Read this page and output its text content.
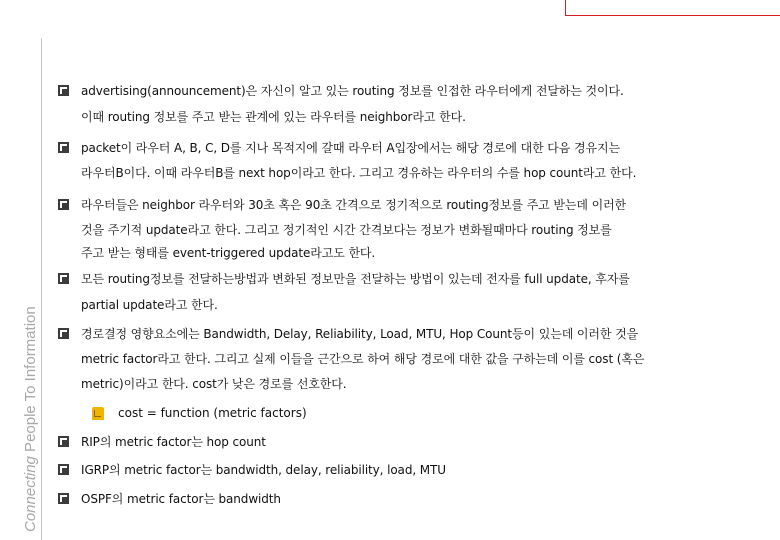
Connecting People To Information
advertising(announcement)은 자신이 알고 있는 routing 정보를 인접한 라우터에게 전달하는 것이다.
이때 routing 정보를 주고 받는 관계에 있는 라우터를 neighbor라고 한다.
packet이 라우터 A, B, C, D를 지나 목적지에 갈때 라우터 A입장에서는 해당 경로에 대한 다음 경유지는
라우터B이다. 이때 라우터B를 next hop이라고 한다. 그리고 경유하는 라우터의 수를 hop count라고 한다.
라우터들은 neighbor 라우터와 30초 혹은 90초 간격으로 정기적으로 routing정보를 주고 받는데 이러한
것을 주기적 update라고 한다. 그리고 정기적인 시간 간격보다는 정보가 변화될때마다 routing 정보를
주고 받는 형태를 event-triggered update라고도 한다.
모든 routing정보를 전달하는방법과 변화된 정보만을 전달하는 방법이 있는데 전자를 full update, 후자를
partial update라고 한다.
경로결정 영향요소에는 Bandwidth, Delay, Reliability, Load, MTU, Hop Count등이 있는데 이러한 것을
metric factor라고 한다. 그리고 실제 이들을 근간으로 하여 해당 경로에 대한 값을 구하는데 이를 cost (혹은
metric)이라고 한다. cost가 낮은 경로를 선호한다.
cost = function (metric factors)
RIP의 metric factor는 hop count
IGRP의 metric factor는 bandwidth, delay, reliability, load, MTU
OSPF의 metric factor는 bandwidth
